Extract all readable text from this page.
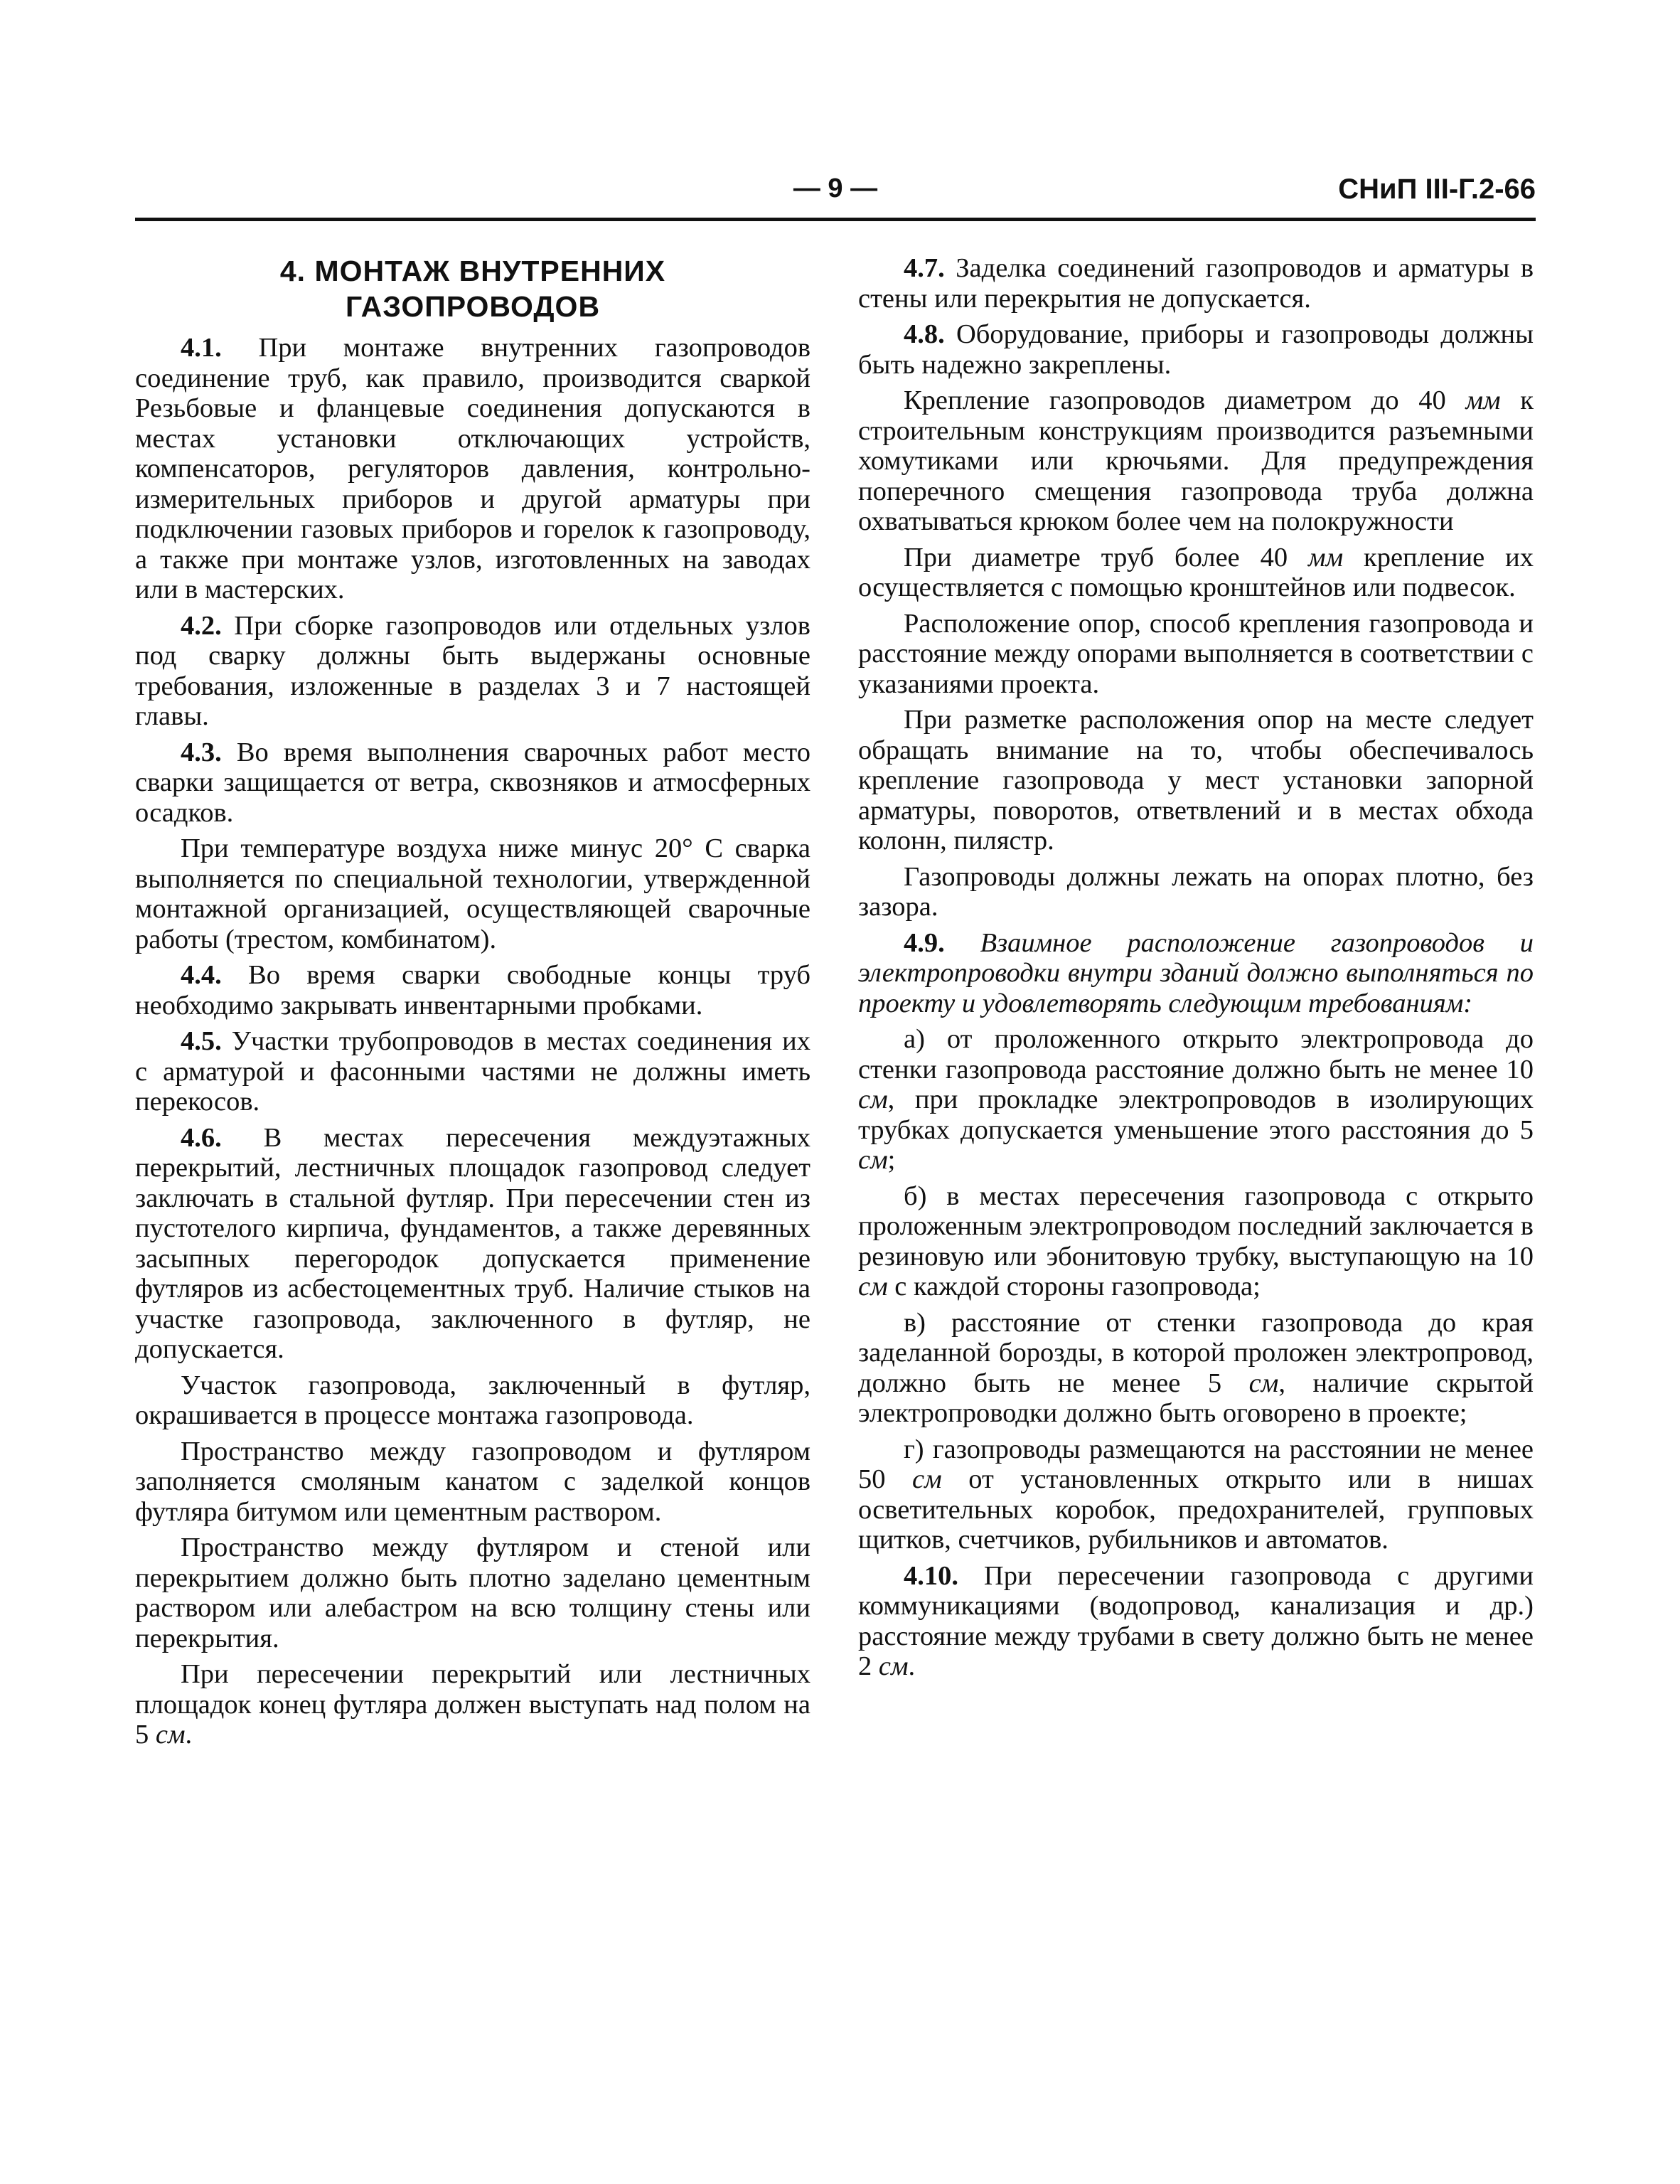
— 9 —	СНиП III-Г.2-66
4. МОНТАЖ ВНУТРЕННИХ
ГАЗОПРОВОДОВ

4.1. При монтаже внутренних газопроводов соединение труб, как правило, производится сваркой Резьбовые и фланцевые соединения допускаются в местах установки отключающих устройств, компенсаторов, регуляторов давления, контрольно-измерительных приборов и другой арматуры при подключении газовых приборов и горелок к газопроводу, а также при монтаже узлов, изготовленных на заводах или в мастерских.

4.2. При сборке газопроводов или отдельных узлов под сварку должны быть выдержаны основные требования, изложенные в разделах 3 и 7 настоящей главы.

4.3. Во время выполнения сварочных работ место сварки защищается от ветра, сквозняков и атмосферных осадков.

При температуре воздуха ниже минус 20° С сварка выполняется по специальной технологии, утвержденной монтажной организацией, осуществляющей сварочные работы (трестом, комбинатом).

4.4. Во время сварки свободные концы труб необходимо закрывать инвентарными пробками.

4.5. Участки трубопроводов в местах соединения их с арматурой и фасонными частями не должны иметь перекосов.

4.6. В местах пересечения междуэтажных перекрытий, лестничных площадок газопровод следует заключать в стальной футляр. При пересечении стен из пустотелого кирпича, фундаментов, а также деревянных засыпных перегородок допускается применение футляров из асбестоцементных труб. Наличие стыков на участке газопровода, заключенного в футляр, не допускается.

Участок газопровода, заключенный в футляр, окрашивается в процессе монтажа газопровода.

Пространство между газопроводом и футляром заполняется смоляным канатом с заделкой концов футляра битумом или цементным раствором.

Пространство между футляром и стеной или перекрытием должно быть плотно заделано цементным раствором или алебастром на всю толщину стены или перекрытия.

При пересечении перекрытий или лестничных площадок конец футляра должен выступать над полом на 5 см.

4.7. Заделка соединений газопроводов и арматуры в стены или перекрытия не допускается.

4.8. Оборудование, приборы и газопроводы должны быть надежно закреплены.

Крепление газопроводов диаметром до 40 мм к строительным конструкциям производится разъемными хомутиками или крючьями. Для предупреждения поперечного смещения газопровода труба должна охватываться крюком более чем на полокружности

При диаметре труб более 40 мм крепление их осуществляется с помощью кронштейнов или подвесок.

Расположение опор, способ крепления газопровода и расстояние между опорами выполняется в соответствии с указаниями проекта.

При разметке расположения опор на месте следует обращать внимание на то, чтобы обеспечивалось крепление газопровода у мест установки запорной арматуры, поворотов, ответвлений и в местах обхода колонн, пилястр.

Газопроводы должны лежать на опорах плотно, без зазора.

4.9. Взаимное расположение газопроводов и электропроводки внутри зданий должно выполняться по проекту и удовлетворять следующим требованиям:

а) от проложенного открыто электропровода до стенки газопровода расстояние должно быть не менее 10 см, при прокладке электропроводов в изолирующих трубках допускается уменьшение этого расстояния до 5 см;

б) в местах пересечения газопровода с открыто проложенным электропроводом последний заключается в резиновую или эбонитовую трубку, выступающую на 10 см с каждой стороны газопровода;

в) расстояние от стенки газопровода до края заделанной борозды, в которой проложен электропровод, должно быть не менее 5 см, наличие скрытой электропроводки должно быть оговорено в проекте;

г) газопроводы размещаются на расстоянии не менее 50 см от установленных открыто или в нишах осветительных коробок, предохранителей, групповых щитков, счетчиков, рубильников и автоматов.

4.10. При пересечении газопровода с другими коммуникациями (водопровод, канализация и др.) расстояние между трубами в свету должно быть не менее 2 см.
